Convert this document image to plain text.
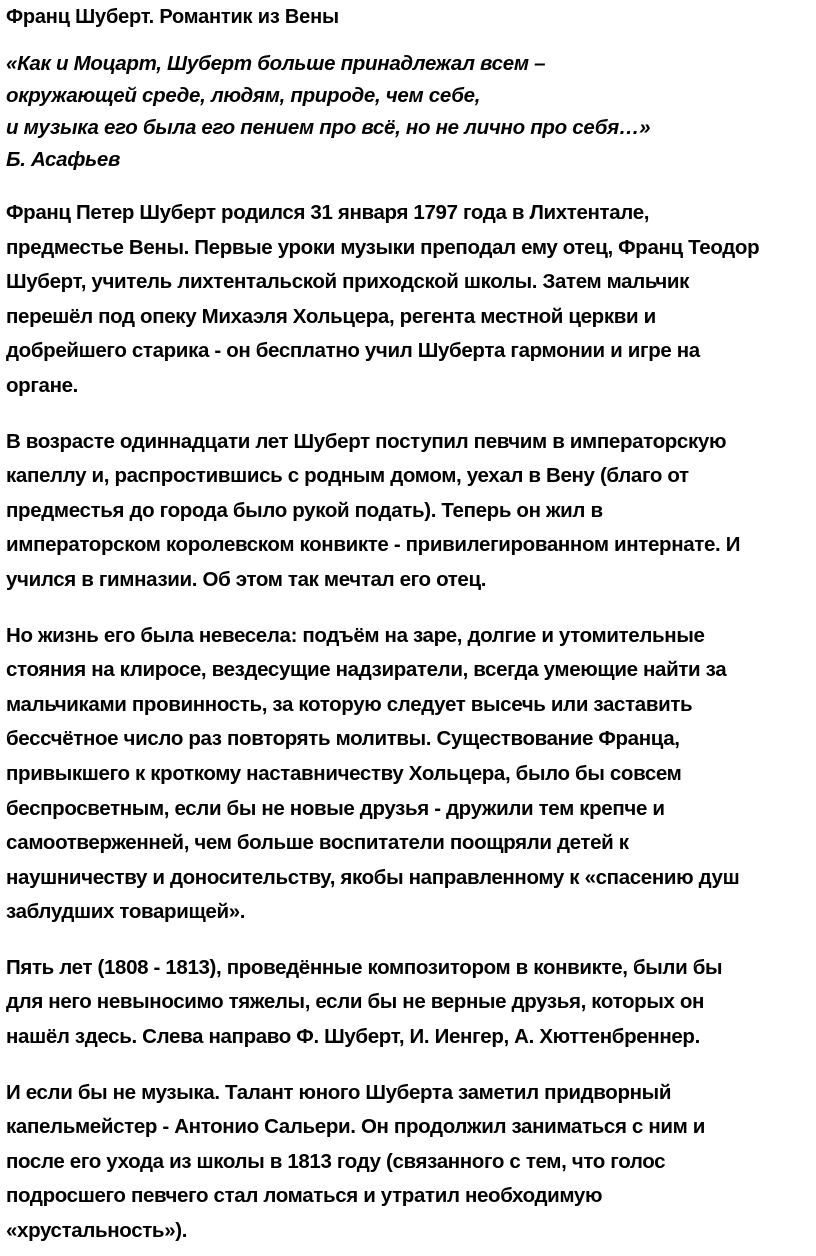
Франц Шуберт. Романтик из Вены
«Как и Моцарт, Шуберт больше принадлежал всем –
окружающей среде, людям, природе, чем себе,
и музыка его была его пением про всё, но не лично про себя…»
Б. Асафьев
Франц Петер Шуберт родился 31 января 1797 года в Лихтентале,
предместье Вены. Первые уроки музыки преподал ему отец, Франц Теодор
Шуберт, учитель лихтентальской приходской школы. Затем мальчик
перешёл под опеку Михаэля Хольцера, регента местной церкви и
добрейшего старика - он бесплатно учил Шуберта гармонии и игре на
органе.
В возрасте одиннадцати лет Шуберт поступил певчим в императорскую
капеллу и, распростившись с родным домом, уехал в Вену (благо от
предместья до города было рукой подать). Теперь он жил в
императорском королевском конвикте - привилегированном интернате. И
учился в гимназии. Об этом так мечтал его отец.
Но жизнь его была невесела: подъём на заре, долгие и утомительные
стояния на клиросе, вездесущие надзиратели, всегда умеющие найти за
мальчиками провинность, за которую следует высечь или заставить
бессчётное число раз повторять молитвы. Существование Франца,
привыкшего к кроткому наставничеству Хольцера, было бы совсем
беспросветным, если бы не новые друзья - дружили тем крепче и
самоотверженней, чем больше воспитатели поощряли детей к
наушничеству и доносительству, якобы направленному к «спасению душ
заблудших товарищей».
Пять лет (1808 - 1813), проведённые композитором в конвикте, были бы
для него невыносимо тяжелы, если бы не верные друзья, которых он
нашёл здесь. Слева направо Ф. Шуберт, И. Иенгер, А. Хюттенбреннер.
И если бы не музыка. Талант юного Шуберта заметил придворный
капельмейстер - Антонио Сальери. Он продолжил заниматься с ним и
после его ухода из школы в 1813 году (связанного с тем, что голос
подросшего певчего стал ломаться и утратил необходимую
«хрустальность»).
